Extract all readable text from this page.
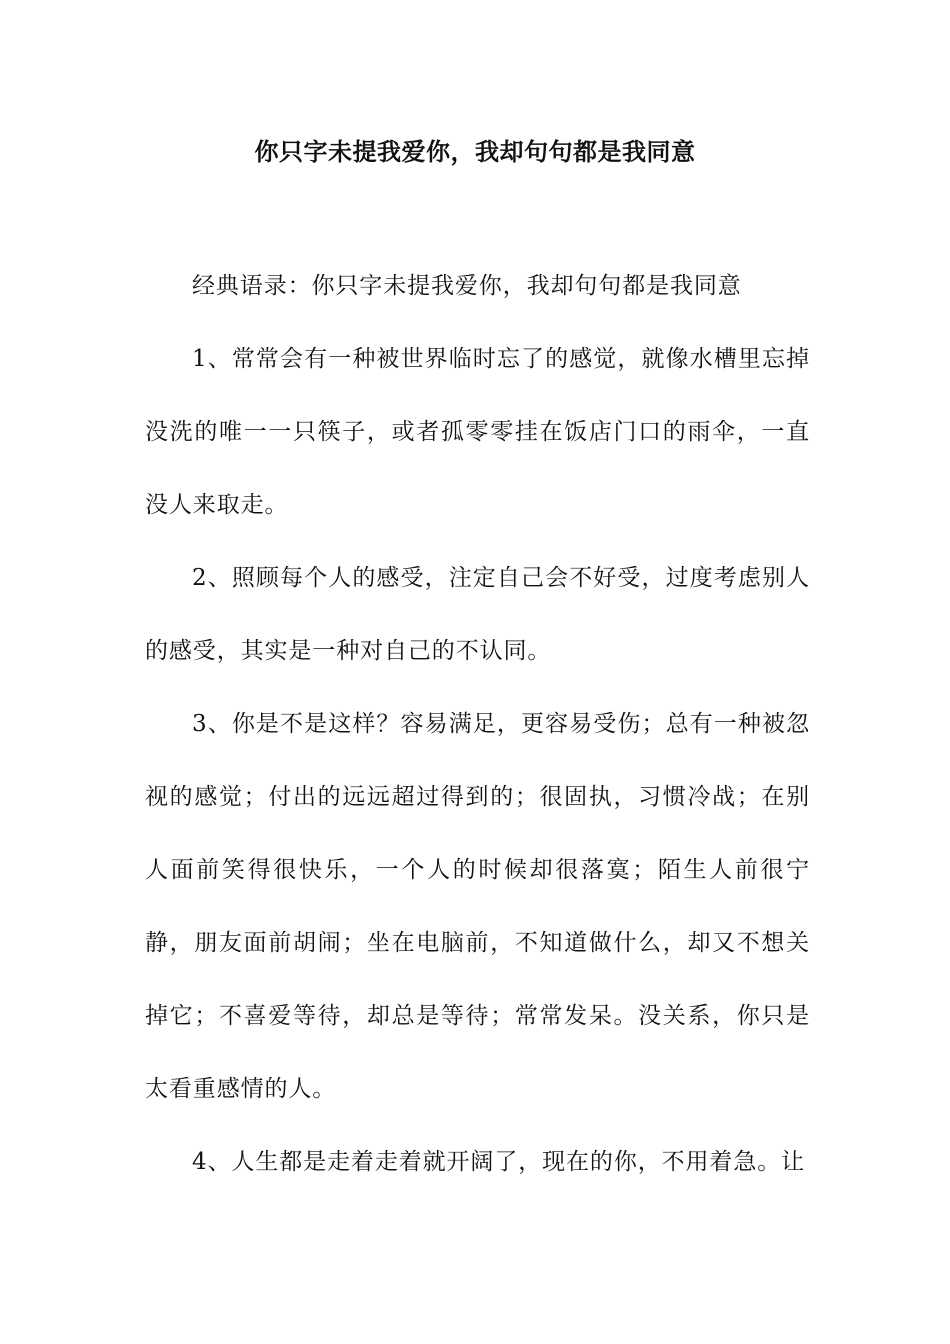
你只字未提我爱你，我却句句都是我同意

经典语录：你只字未提我爱你，我却句句都是我同意

1、常常会有一种被世界临时忘了的感觉，就像水槽里忘掉没洗的唯一一只筷子，或者孤零零挂在饭店门口的雨伞，一直没人来取走。

2、照顾每个人的感受，注定自己会不好受，过度考虑别人的感受，其实是一种对自己的不认同。

3、你是不是这样？容易满足，更容易受伤；总有一种被忽视的感觉；付出的远远超过得到的；很固执，习惯冷战；在别人面前笑得很快乐，一个人的时候却很落寞；陌生人前很宁静，朋友面前胡闹；坐在电脑前，不知道做什么，却又不想关掉它；不喜爱等待，却总是等待；常常发呆。没关系，你只是太看重感情的人。

4、人生都是走着走着就开阔了，现在的你，不用着急。让
